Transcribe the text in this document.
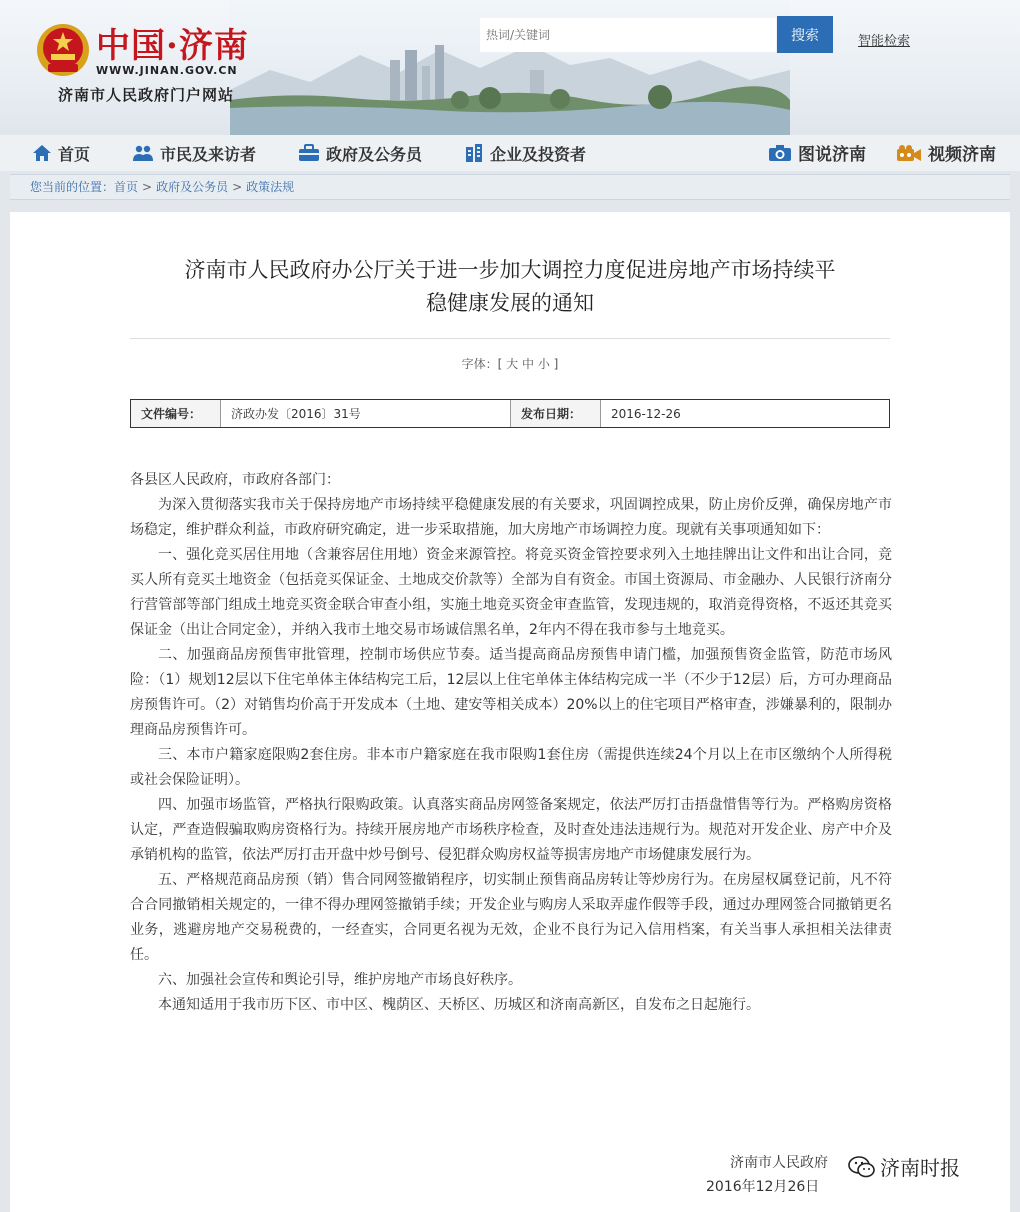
中国·济南
WWW.JINAN.GOV.CN
济南市人民政府门户网站
热词/关键词
搜索	智能检索
首页	市民及来访者	政府及公务员	企业及投资者	图说济南	视频济南
您当前的位置：首页 > 政府及公务员 > 政策法规
济南市人民政府办公厅关于进一步加大调控力度促进房地产市场持续平
稳健康发展的通知
字体：[ 大 中 小 ]
文件编号：	济政办发〔2016〕31号	发布日期：	2016-12-26

各县区人民政府，市政府各部门：

为深入贯彻落实我市关于保持房地产市场持续平稳健康发展的有关要求，巩固调控成果，防止房价反弹，确保房地产市场稳定，维护群众利益，市政府研究确定，进一步采取措施，加大房地产市场调控力度。现就有关事项通知如下：

一、强化竞买居住用地（含兼容居住用地）资金来源管控。将竞买资金管控要求列入土地挂牌出让文件和出让合同，竞买人所有竞买土地资金（包括竞买保证金、土地成交价款等）全部为自有资金。市国土资源局、市金融办、人民银行济南分行营管部等部门组成土地竞买资金联合审查小组，实施土地竞买资金审查监管，发现违规的，取消竞得资格，不返还其竞买保证金（出让合同定金），并纳入我市土地交易市场诚信黑名单，2年内不得在我市参与土地竞买。

二、加强商品房预售审批管理，控制市场供应节奏。适当提高商品房预售申请门槛，加强预售资金监管，防范市场风险：（1）规划12层以下住宅单体主体结构完工后，12层以上住宅单体主体结构完成一半（不少于12层）后，方可办理商品房预售许可。（2）对销售均价高于开发成本（土地、建安等相关成本）20%以上的住宅项目严格审查，涉嫌暴利的，限制办理商品房预售许可。

三、本市户籍家庭限购2套住房。非本市户籍家庭在我市限购1套住房（需提供连续24个月以上在市区缴纳个人所得税或社会保险证明）。

四、加强市场监管，严格执行限购政策。认真落实商品房网签备案规定，依法严厉打击捂盘惜售等行为。严格购房资格认定，严查造假骗取购房资格行为。持续开展房地产市场秩序检查，及时查处违法违规行为。规范对开发企业、房产中介及承销机构的监管，依法严厉打击开盘中炒号倒号、侵犯群众购房权益等损害房地产市场健康发展行为。

五、严格规范商品房预（销）售合同网签撤销程序，切实制止预售商品房转让等炒房行为。在房屋权属登记前，凡不符合合同撤销相关规定的，一律不得办理网签撤销手续；开发企业与购房人采取弄虚作假等手段，通过办理网签合同撤销更名业务，逃避房地产交易税费的，一经查实，合同更名视为无效，企业不良行为记入信用档案，有关当事人承担相关法律责任。

六、加强社会宣传和舆论引导，维护房地产市场良好秩序。

本通知适用于我市历下区、市中区、槐荫区、天桥区、历城区和济南高新区，自发布之日起施行。

济南市人民政府
2016年12月26日
济南时报
